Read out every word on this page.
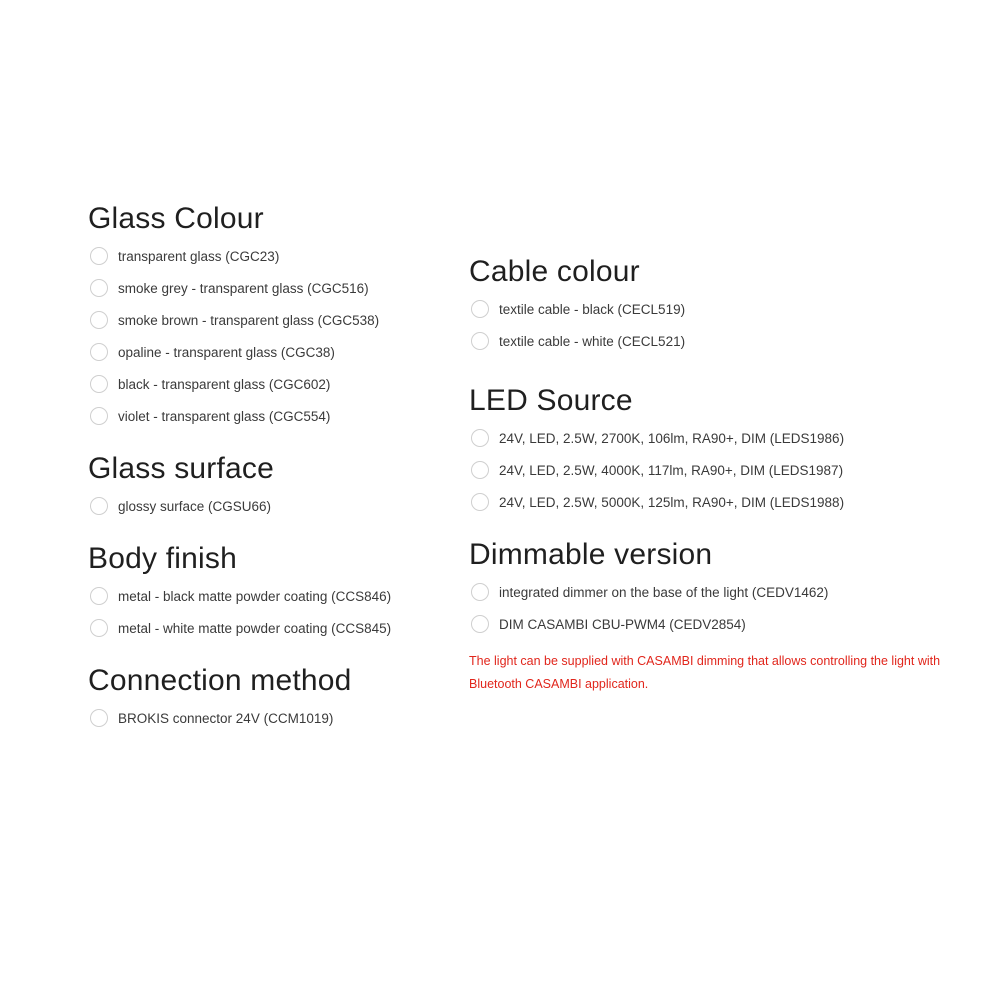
Glass Colour
transparent glass (CGC23)
smoke grey - transparent glass (CGC516)
smoke brown - transparent glass (CGC538)
opaline - transparent glass (CGC38)
black - transparent glass (CGC602)
violet - transparent glass (CGC554)
Glass surface
glossy surface (CGSU66)
Body finish
metal - black matte powder coating (CCS846)
metal - white matte powder coating (CCS845)
Connection method
BROKIS connector 24V (CCM1019)
Cable colour
textile cable - black (CECL519)
textile cable - white (CECL521)
LED Source
24V, LED, 2.5W, 2700K, 106lm, RA90+, DIM (LEDS1986)
24V, LED, 2.5W, 4000K, 117lm, RA90+, DIM (LEDS1987)
24V, LED, 2.5W, 5000K, 125lm, RA90+, DIM (LEDS1988)
Dimmable version
integrated dimmer on the base of the light (CEDV1462)
DIM CASAMBI CBU-PWM4 (CEDV2854)
The light can be supplied with CASAMBI dimming that allows controlling the light with Bluetooth CASAMBI application.
